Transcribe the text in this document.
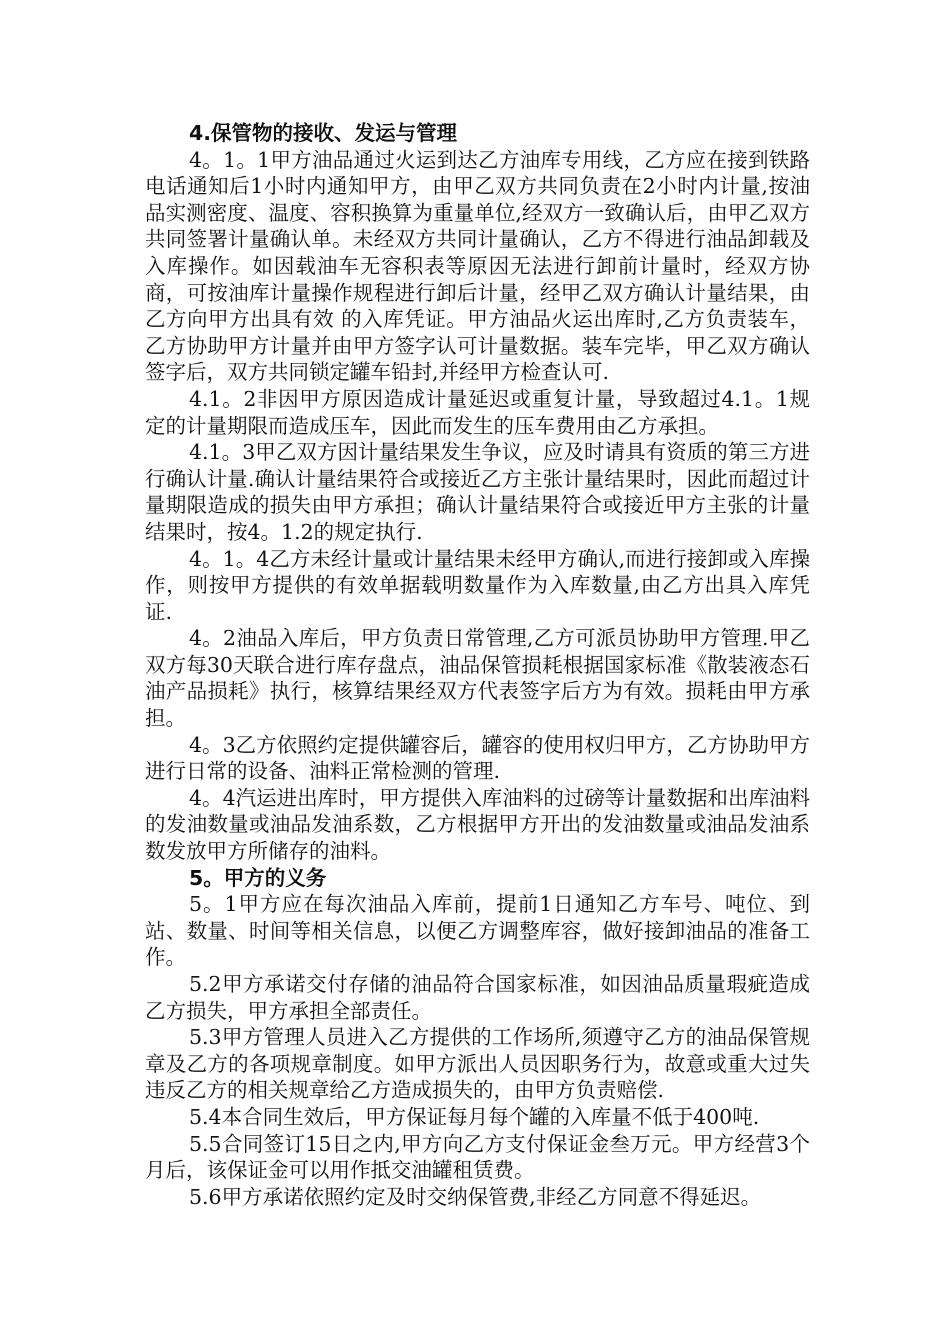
4.保管物的接收、发运与管理

4。1。1甲方油品通过火运到达乙方油库专用线，乙方应在接到铁路电话通知后1小时内通知甲方，由甲乙双方共同负责在2小时内计量,按油品实测密度、温度、容积换算为重量单位,经双方一致确认后，由甲乙双方共同签署计量确认单。未经双方共同计量确认，乙方不得进行油品卸载及入库操作。如因载油车无容积表等原因无法进行卸前计量时，经双方协商，可按油库计量操作规程进行卸后计量，经甲乙双方确认计量结果，由乙方向甲方出具有效 的入库凭证。甲方油品火运出库时,乙方负责装车，乙方协助甲方计量并由甲方签字认可计量数据。装车完毕，甲乙双方确认签字后，双方共同锁定罐车铅封,并经甲方检查认可.

4.1。2非因甲方原因造成计量延迟或重复计量，导致超过4.1。1规定的计量期限而造成压车，因此而发生的压车费用由乙方承担。

4.1。3甲乙双方因计量结果发生争议，应及时请具有资质的第三方进行确认计量.确认计量结果符合或接近乙方主张计量结果时，因此而超过计量期限造成的损失由甲方承担；确认计量结果符合或接近甲方主张的计量结果时，按4。1.2的规定执行.

4。1。4乙方未经计量或计量结果未经甲方确认,而进行接卸或入库操作，则按甲方提供的有效单据载明数量作为入库数量,由乙方出具入库凭证.

4。2油品入库后，甲方负责日常管理,乙方可派员协助甲方管理.甲乙双方每30天联合进行库存盘点，油品保管损耗根据国家标准《散装液态石油产品损耗》执行，核算结果经双方代表签字后方为有效。损耗由甲方承担。

4。3乙方依照约定提供罐容后，罐容的使用权归甲方，乙方协助甲方进行日常的设备、油料正常检测的管理.

4。4汽运进出库时，甲方提供入库油料的过磅等计量数据和出库油料的发油数量或油品发油系数，乙方根据甲方开出的发油数量或油品发油系数发放甲方所储存的油料。

5。甲方的义务

5。1甲方应在每次油品入库前，提前1日通知乙方车号、吨位、到站、数量、时间等相关信息，以便乙方调整库容，做好接卸油品的准备工作。

5.2甲方承诺交付存储的油品符合国家标准，如因油品质量瑕疵造成乙方损失，甲方承担全部责任。

5.3甲方管理人员进入乙方提供的工作场所,须遵守乙方的油品保管规章及乙方的各项规章制度。如甲方派出人员因职务行为，故意或重大过失违反乙方的相关规章给乙方造成损失的，由甲方负责赔偿.

5.4本合同生效后，甲方保证每月每个罐的入库量不低于400吨.

5.5合同签订15日之内,甲方向乙方支付保证金叁万元。甲方经营3个月后，该保证金可以用作抵交油罐租赁费。

5.6甲方承诺依照约定及时交纳保管费,非经乙方同意不得延迟。
